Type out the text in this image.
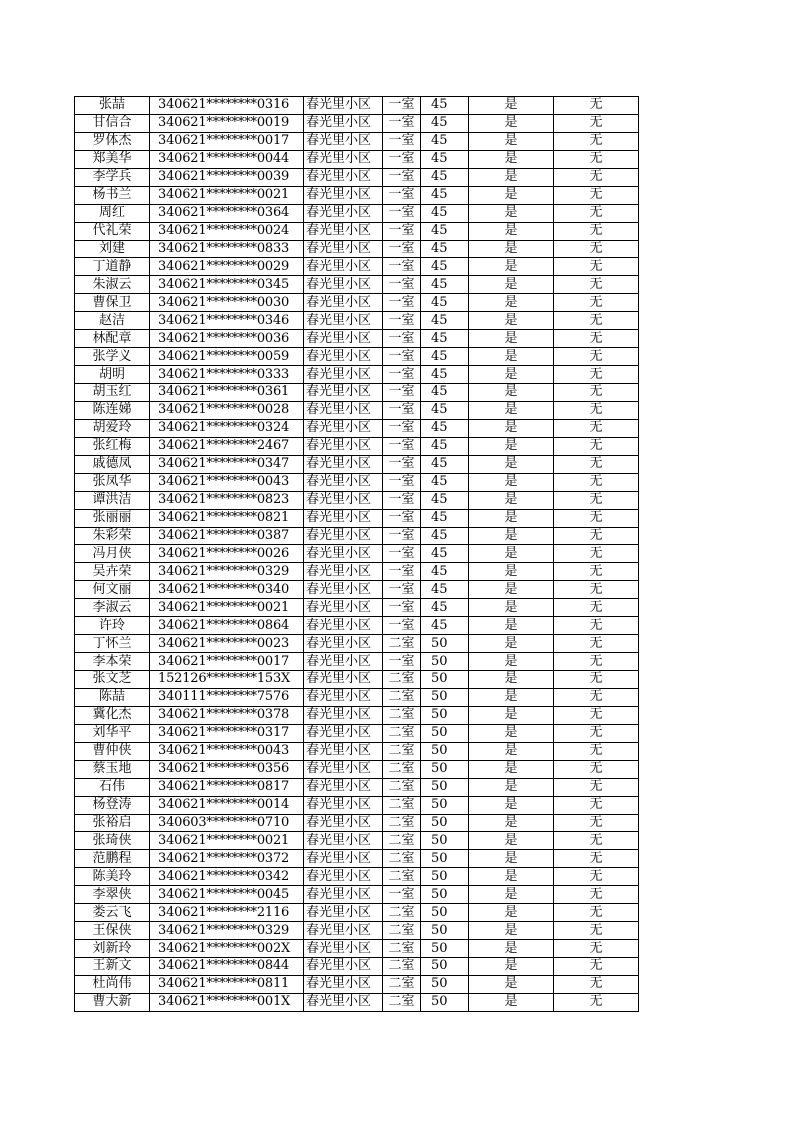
张喆	340621********0316	春光里小区	一室	45	是	无
甘信合	340621********0019	春光里小区	一室	45	是	无
罗体杰	340621********0017	春光里小区	一室	45	是	无
郑美华	340621********0044	春光里小区	一室	45	是	无
李学兵	340621********0039	春光里小区	一室	45	是	无
杨书兰	340621********0021	春光里小区	一室	45	是	无
周红	340621********0364	春光里小区	一室	45	是	无
代礼荣	340621********0024	春光里小区	一室	45	是	无
刘建	340621********0833	春光里小区	一室	45	是	无
丁道静	340621********0029	春光里小区	一室	45	是	无
朱淑云	340621********0345	春光里小区	一室	45	是	无
曹保卫	340621********0030	春光里小区	一室	45	是	无
赵洁	340621********0346	春光里小区	一室	45	是	无
林配章	340621********0036	春光里小区	一室	45	是	无
张学义	340621********0059	春光里小区	一室	45	是	无
胡明	340621********0333	春光里小区	一室	45	是	无
胡玉红	340621********0361	春光里小区	一室	45	是	无
陈连娣	340621********0028	春光里小区	一室	45	是	无
胡爱玲	340621********0324	春光里小区	一室	45	是	无
张红梅	340621********2467	春光里小区	一室	45	是	无
戚德凤	340621********0347	春光里小区	一室	45	是	无
张凤华	340621********0043	春光里小区	一室	45	是	无
谭洪洁	340621********0823	春光里小区	一室	45	是	无
张丽丽	340621********0821	春光里小区	一室	45	是	无
朱彩荣	340621********0387	春光里小区	一室	45	是	无
冯月侠	340621********0026	春光里小区	一室	45	是	无
吴卉荣	340621********0329	春光里小区	一室	45	是	无
何文丽	340621********0340	春光里小区	一室	45	是	无
李淑云	340621********0021	春光里小区	一室	45	是	无
许玲	340621********0864	春光里小区	一室	45	是	无
丁怀兰	340621********0023	春光里小区	二室	50	是	无
李本荣	340621********0017	春光里小区	一室	50	是	无
张文芝	152126********153X	春光里小区	二室	50	是	无
陈喆	340111********7576	春光里小区	二室	50	是	无
冀化杰	340621********0378	春光里小区	二室	50	是	无
刘华平	340621********0317	春光里小区	二室	50	是	无
曹仲侠	340621********0043	春光里小区	二室	50	是	无
蔡玉地	340621********0356	春光里小区	二室	50	是	无
石伟	340621********0817	春光里小区	二室	50	是	无
杨登涛	340621********0014	春光里小区	二室	50	是	无
张裕启	340603********0710	春光里小区	二室	50	是	无
张琦侠	340621********0021	春光里小区	二室	50	是	无
范鹏程	340621********0372	春光里小区	二室	50	是	无
陈美玲	340621********0342	春光里小区	二室	50	是	无
李翠侠	340621********0045	春光里小区	一室	50	是	无
娄云飞	340621********2116	春光里小区	二室	50	是	无
王保侠	340621********0329	春光里小区	二室	50	是	无
刘新玲	340621********002X	春光里小区	二室	50	是	无
王新文	340621********0844	春光里小区	二室	50	是	无
杜尚伟	340621********0811	春光里小区	二室	50	是	无
曹大新	340621********001X	春光里小区	二室	50	是	无
